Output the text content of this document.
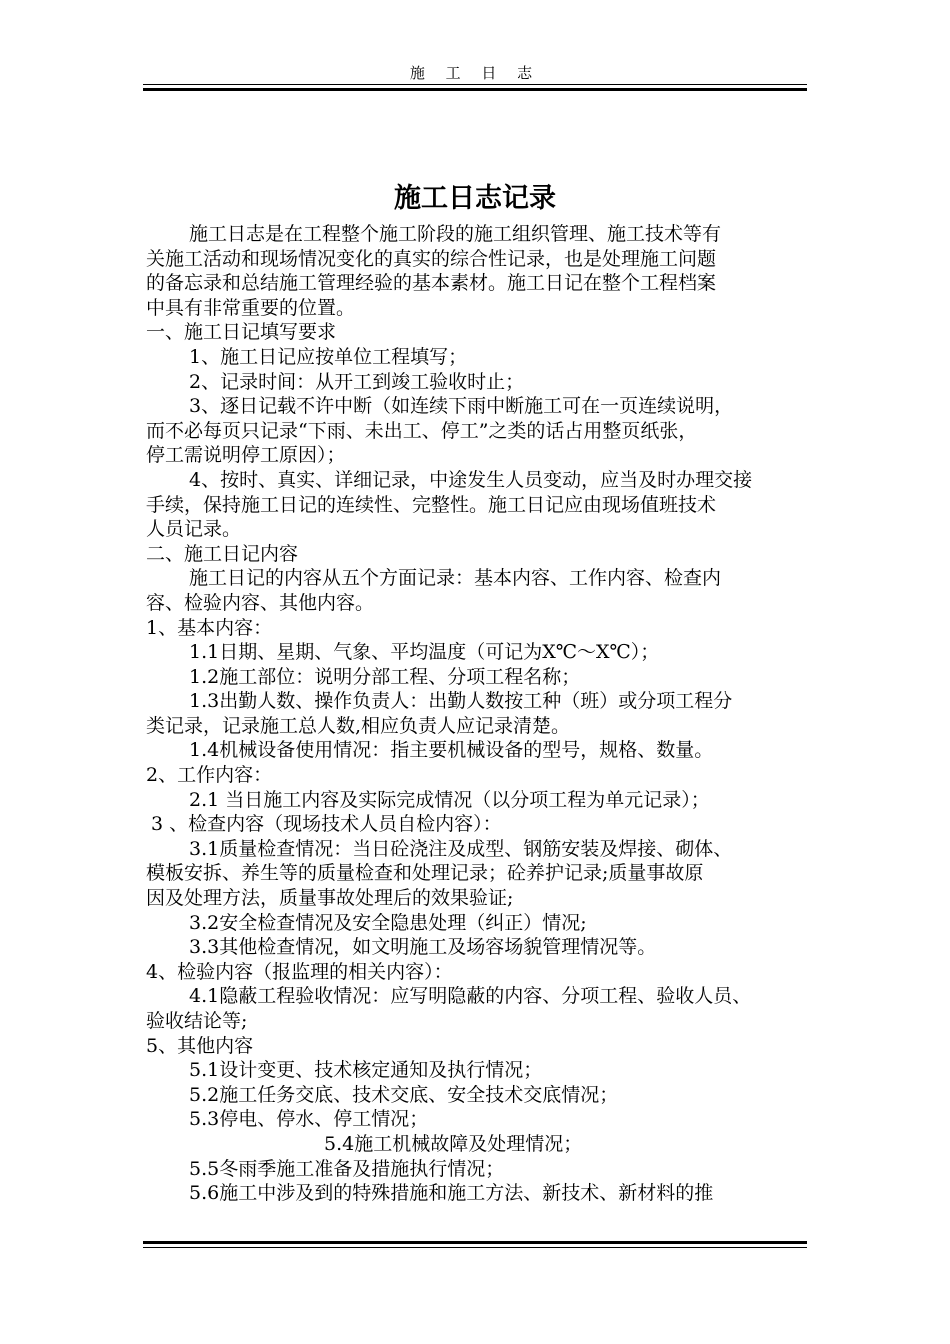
施 工 日 志
施工日志记录

施工日志是在工程整个施工阶段的施工组织管理、施工技术等有

关施工活动和现场情况变化的真实的综合性记录，也是处理施工问题

的备忘录和总结施工管理经验的基本素材。施工日记在整个工程档案

中具有非常重要的位置。

一、施工日记填写要求

1、施工日记应按单位工程填写；

2、记录时间：从开工到竣工验收时止；

3、逐日记载不许中断（如连续下雨中断施工可在一页连续说明，

而不必每页只记录“下雨、未出工、停工”之类的话占用整页纸张，

停工需说明停工原因）；

4、按时、真实、详细记录，中途发生人员变动，应当及时办理交接

手续，保持施工日记的连续性、完整性。施工日记应由现场值班技术

人员记录。

二、施工日记内容

施工日记的内容从五个方面记录：基本内容、工作内容、检查内

容、检验内容、其他内容。

1、基本内容：

1.1日期、星期、气象、平均温度（可记为X℃～X℃）；

1.2施工部位：说明分部工程、分项工程名称；

1.3出勤人数、操作负责人：出勤人数按工种（班）或分项工程分

类记录，记录施工总人数,相应负责人应记录清楚。

1.4机械设备使用情况：指主要机械设备的型号，规格、数量。

2、工作内容：

2.1 当日施工内容及实际完成情况（以分项工程为单元记录）；

3 、检查内容（现场技术人员自检内容）：

3.1质量检查情况：当日砼浇注及成型、钢筋安装及焊接、砌体、

模板安拆、养生等的质量检查和处理记录；砼养护记录;质量事故原

因及处理方法，质量事故处理后的效果验证;

3.2安全检查情况及安全隐患处理（纠正）情况;

3.3其他检查情况，如文明施工及场容场貌管理情况等。

4、检验内容（报监理的相关内容）：

4.1隐蔽工程验收情况：应写明隐蔽的内容、分项工程、验收人员、

验收结论等;

5、其他内容

5.1设计变更、技术核定通知及执行情况；

5.2施工任务交底、技术交底、安全技术交底情况；

5.3停电、停水、停工情况；

5.4施工机械故障及处理情况；

5.5冬雨季施工准备及措施执行情况；

5.6施工中涉及到的特殊措施和施工方法、新技术、新材料的推
